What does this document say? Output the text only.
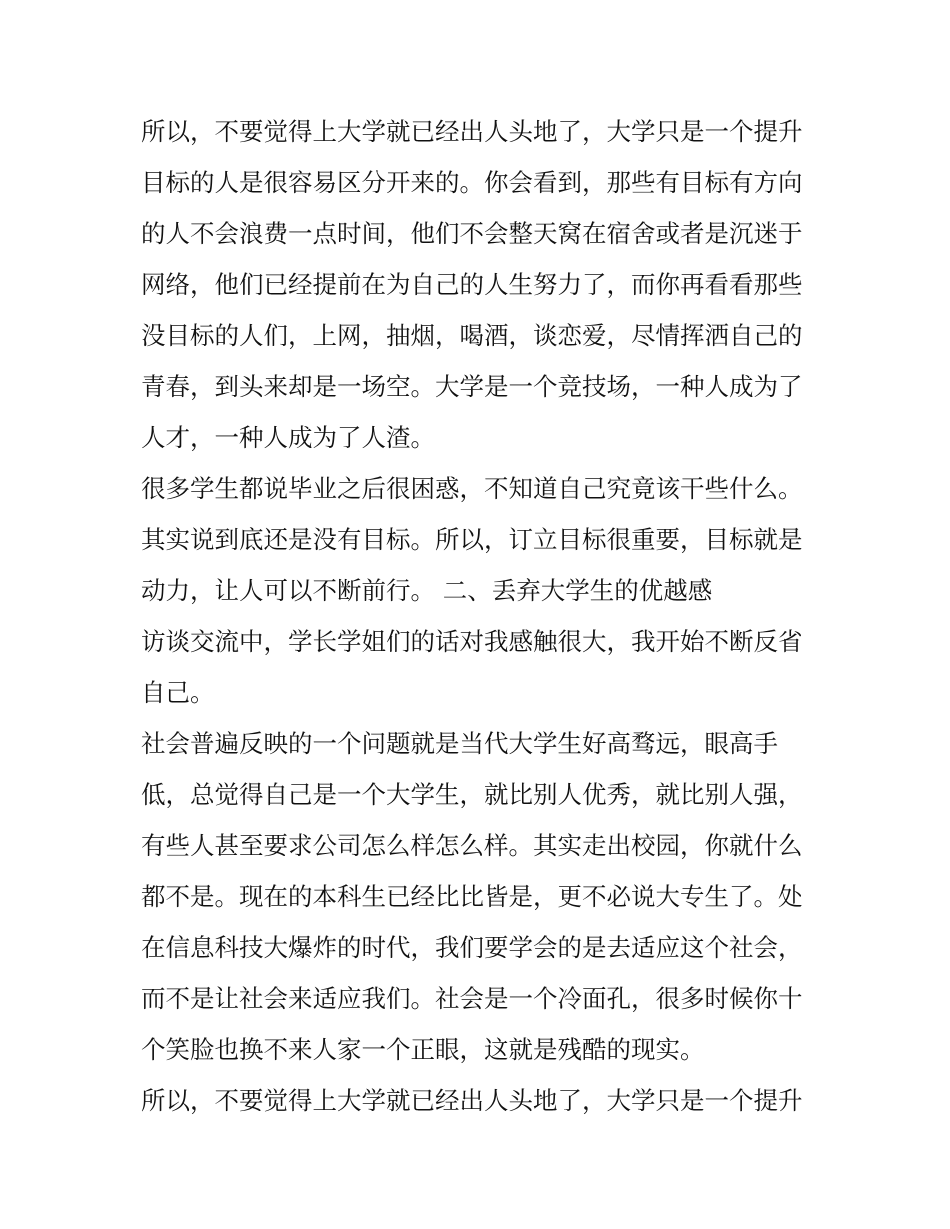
所以，不要觉得上大学就已经出人头地了，大学只是一个提升
目标的人是很容易区分开来的。你会看到，那些有目标有方向
的人不会浪费一点时间，他们不会整天窝在宿舍或者是沉迷于
网络，他们已经提前在为自己的人生努力了，而你再看看那些
没目标的人们，上网，抽烟，喝酒，谈恋爱，尽情挥洒自己的
青春，到头来却是一场空。大学是一个竞技场，一种人成为了
人才，一种人成为了人渣。
很多学生都说毕业之后很困惑，不知道自己究竟该干些什么。
其实说到底还是没有目标。所以，订立目标很重要，目标就是
动力，让人可以不断前行。 二、丢弃大学生的优越感
访谈交流中，学长学姐们的话对我感触很大，我开始不断反省
自己。
社会普遍反映的一个问题就是当代大学生好高骛远，眼高手
低，总觉得自己是一个大学生，就比别人优秀，就比别人强，
有些人甚至要求公司怎么样怎么样。其实走出校园，你就什么
都不是。现在的本科生已经比比皆是，更不必说大专生了。处
在信息科技大爆炸的时代，我们要学会的是去适应这个社会，
而不是让社会来适应我们。社会是一个冷面孔，很多时候你十
个笑脸也换不来人家一个正眼，这就是残酷的现实。
所以，不要觉得上大学就已经出人头地了，大学只是一个提升
